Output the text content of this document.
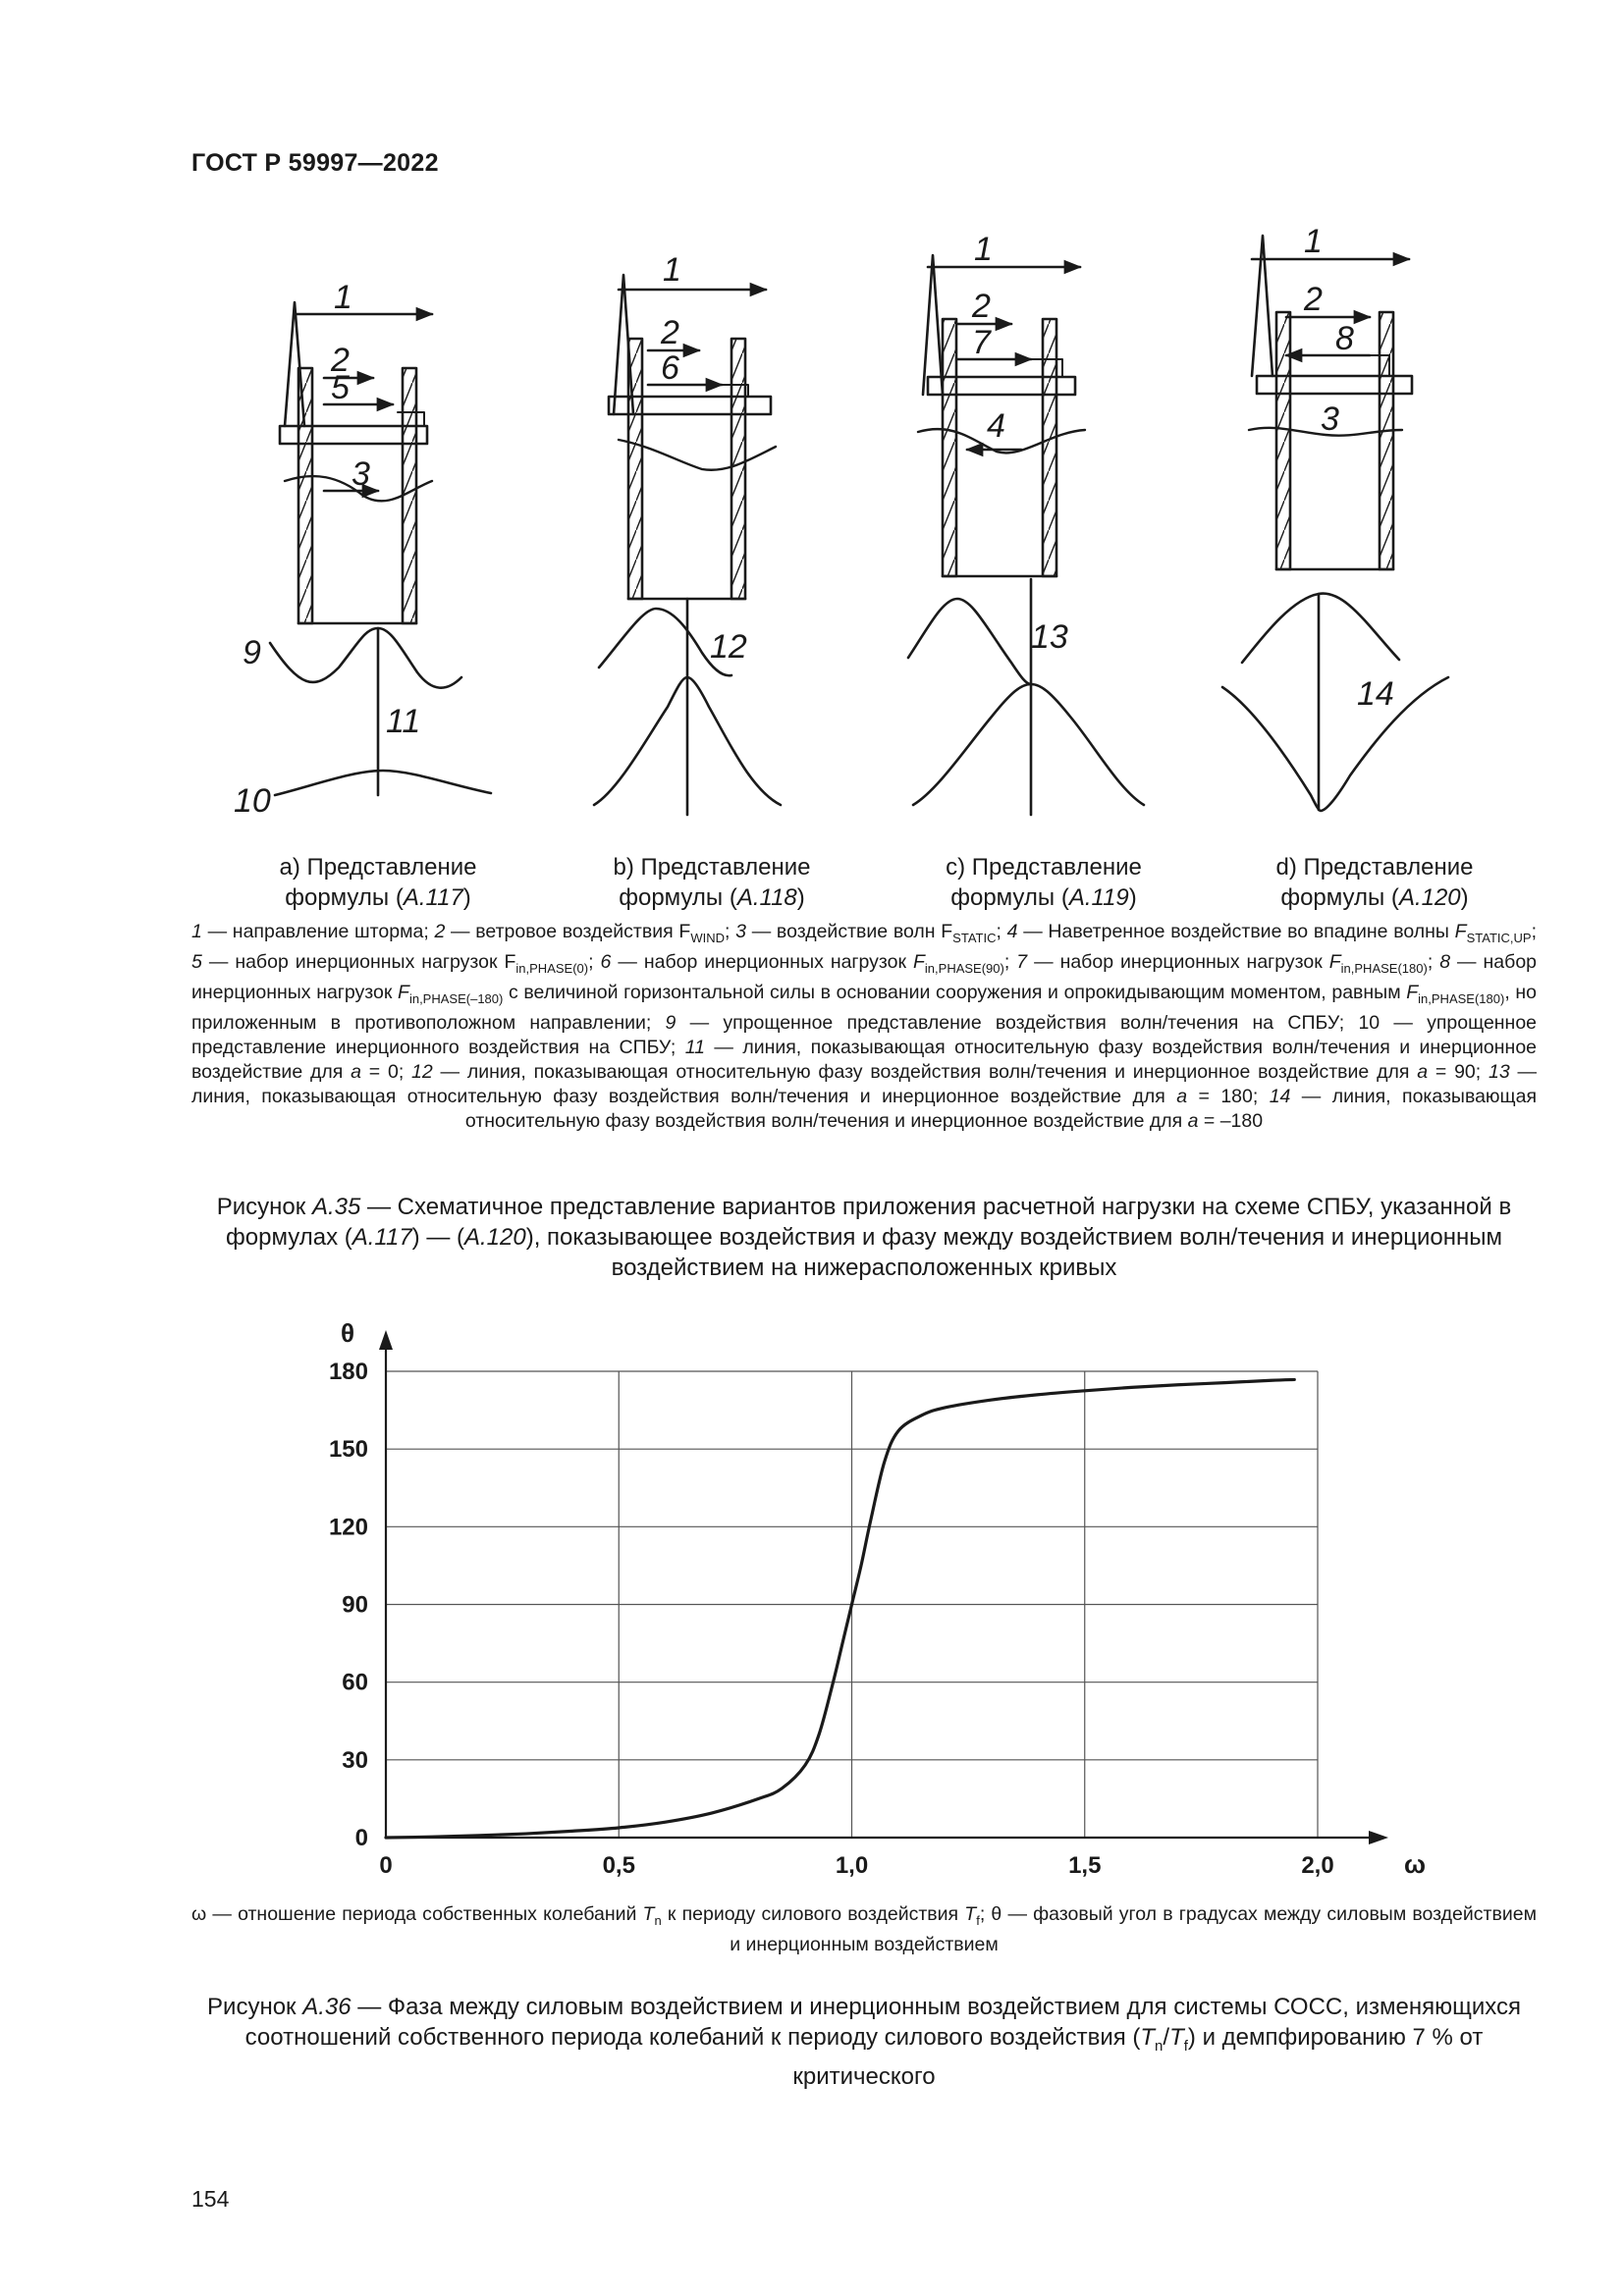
ГОСТ Р 59997—2022
1
2
5
3
9
11
10
1
2
6
12
1
2
7
4
13
1
2
8
3
14
a) Представление
формулы (A.117)
b) Представление
формулы (A.118)
c) Представление
формулы (A.119)
d) Представление
формулы (A.120)
1 — направление шторма; 2 — ветровое воздействия $F_{WIND}$; 3 — воздействие волн $F_{STATIC}$; 4 — Наветренное воздействие во впадине волны $F_{STATIC,UP}$; 5 — набор инерционных нагрузок $F_{in,PHASE(0)}$; 6 — набор инерционных нагрузок $F_{in,PHASE(90)}$; 7 — набор инерционных нагрузок $F_{in,PHASE(180)}$; 8 — набор инерционных нагрузок $F_{in,PHASE(-180)}$ с величиной горизонтальной силы в основании сооружения и опрокидывающим моментом, равным $F_{in,PHASE(180)}$, но приложенным в противоположном направлении; 9 — упрощенное представление воздействия волн/течения на СПБУ; 10 — упрощенное представление инерционного воздействия на СПБУ; 11 — линия, показывающая относительную фазу воздействия волн/течения и инерционное воздействие для a = 0; 12 — линия, показывающая относительную фазу воздействия волн/течения и инерционное воздействие для a = 90; 13 — линия, показывающая относительную фазу воздействия волн/течения и инерционное воздействие для a = 180; 14 — линия, показывающая относительную фазу воздействия волн/течения и инерционное воздействие для a = –180
Рисунок A.35 — Схематичное представление вариантов приложения расчетной нагрузки на схеме СПБУ, указанной в формулах (A.117) — (A.120), показывающее воздействия и фазу между воздействием волн/течения и инерционным воздействием на нижерасположенных кривых
0	0,5	1,0	1,5	2,0
0
30
60
90
120
150
180
ω
θ
ω — отношение периода собственных колебаний $T_n$ к периоду силового воздействия $T_f$; θ — фазовый угол в градусах между силовым воздействием и инерционным воздействием
Рисунок A.36 — Фаза между силовым воздействием и инерционным воздействием для системы СОСС, изменяющихся соотношений собственного периода колебаний к периоду силового воздействия $(T_n/T_f)$ и демпфированию 7 % от критического
154
